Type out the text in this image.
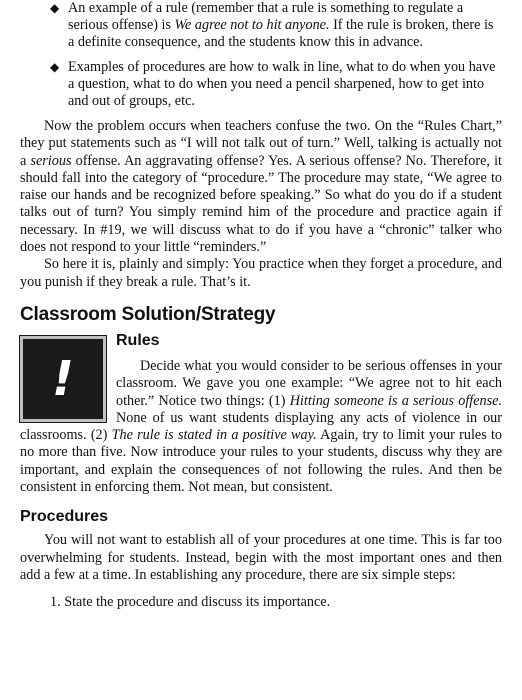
◆ An example of a rule (remember that a rule is something to regulate a serious offense) is We agree not to hit anyone. If the rule is broken, there is a definite consequence, and the students know this in advance.
◆ Examples of procedures are how to walk in line, what to do when you have a question, what to do when you need a pencil sharpened, how to get into and out of groups, etc.

Now the problem occurs when teachers confuse the two. On the “Rules Chart,” they put statements such as “I will not talk out of turn.” Well, talking is actually not a serious offense. An aggravating offense? Yes. A serious offense? No. Therefore, it should fall into the category of “procedure.” The procedure may state, “We agree to raise our hands and be recognized before speaking.” So what do you do if a student talks out of turn? You simply remind him of the procedure and practice again if necessary. In #19, we will discuss what to do if you have a “chronic” talker who does not respond to your little “reminders.”

So here it is, plainly and simply: You practice when they forget a procedure, and you punish if they break a rule. That’s it.

Classroom Solution/Strategy
!
Rules

Decide what you would consider to be serious offenses in your classroom. We gave you one example: “We agree not to hit each other.” Notice two things: (1) Hitting someone is a serious offense. None of us want students displaying any acts of violence in our classrooms. (2) The rule is stated in a positive way. Again, try to limit your rules to no more than five. Now introduce your rules to your students, discuss why they are important, and explain the consequences of not following the rules. And then be consistent in enforcing them. Not mean, but consistent.

Procedures

You will not want to establish all of your procedures at one time. This is far too overwhelming for students. Instead, begin with the most important ones and then add a few at a time. In establishing any procedure, there are six simple steps:

1. State the procedure and discuss its importance.
